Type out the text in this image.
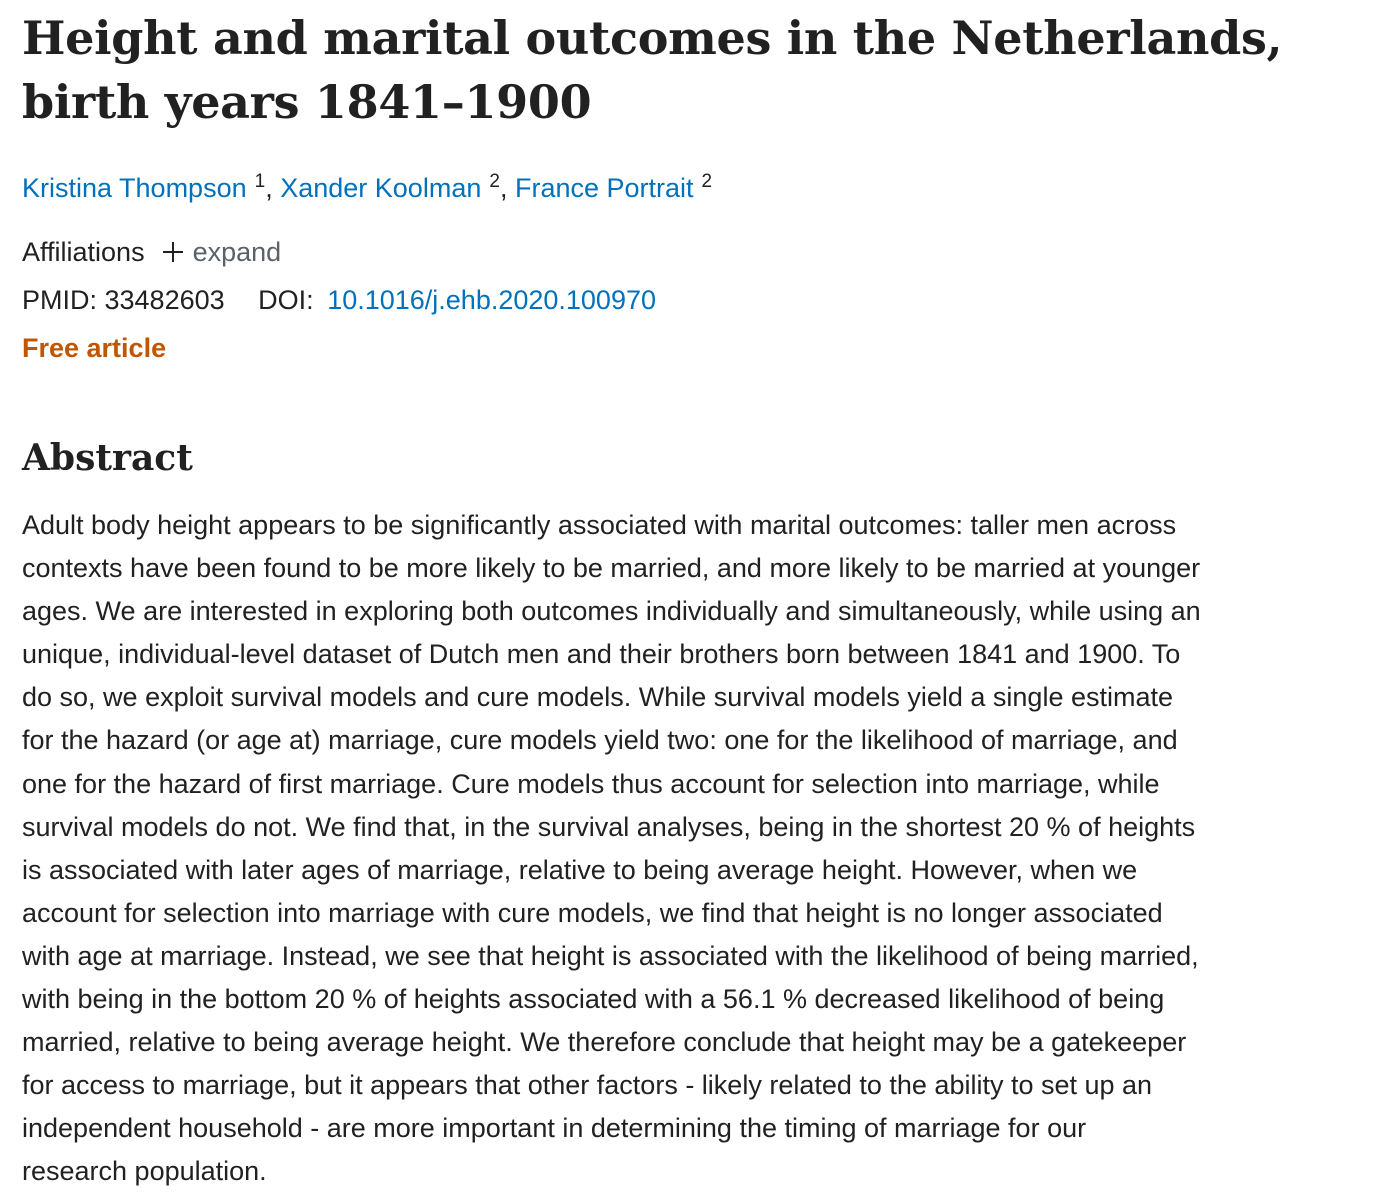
Height and marital outcomes in the Netherlands,
birth years 1841–1900
Kristina Thompson $^1$, Xander Koolman $^2$, France Portrait $^2$
Affiliations expand
PMID: 33482603 DOI: 10.1016/j.ehb.2020.100970
Free article
Abstract
Adult body height appears to be significantly associated with marital outcomes: taller men across
contexts have been found to be more likely to be married, and more likely to be married at younger
ages. We are interested in exploring both outcomes individually and simultaneously, while using an
unique, individual-level dataset of Dutch men and their brothers born between 1841 and 1900. To
do so, we exploit survival models and cure models. While survival models yield a single estimate
for the hazard (or age at) marriage, cure models yield two: one for the likelihood of marriage, and
one for the hazard of first marriage. Cure models thus account for selection into marriage, while
survival models do not. We find that, in the survival analyses, being in the shortest 20 % of heights
is associated with later ages of marriage, relative to being average height. However, when we
account for selection into marriage with cure models, we find that height is no longer associated
with age at marriage. Instead, we see that height is associated with the likelihood of being married,
with being in the bottom 20 % of heights associated with a 56.1 % decreased likelihood of being
married, relative to being average height. We therefore conclude that height may be a gatekeeper
for access to marriage, but it appears that other factors - likely related to the ability to set up an
independent household - are more important in determining the timing of marriage for our
research population.
